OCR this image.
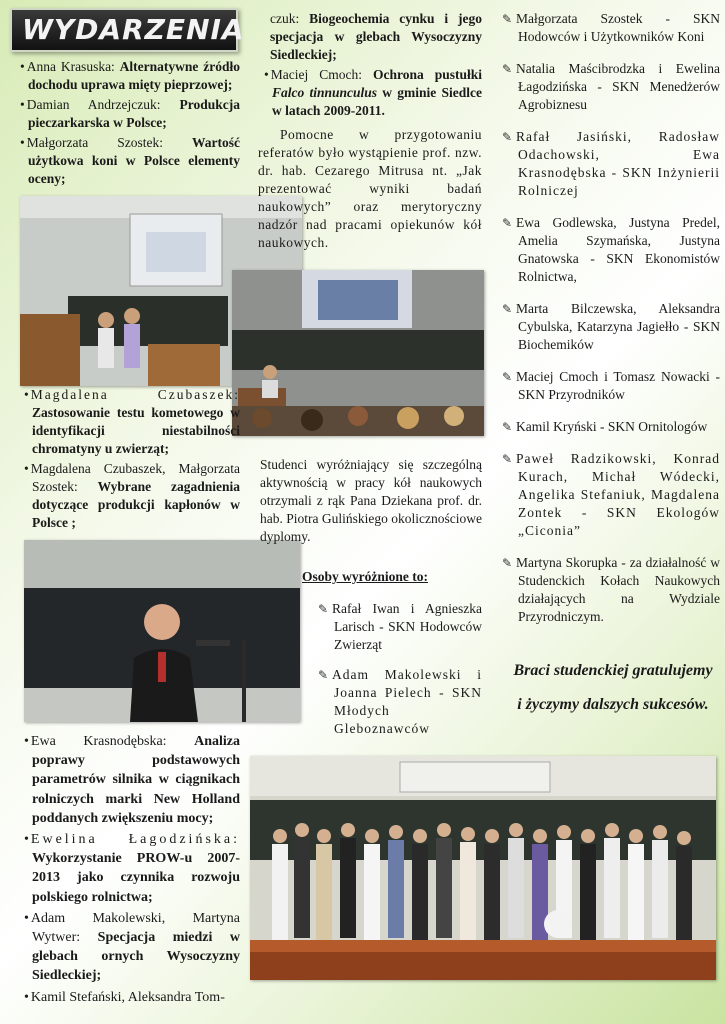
WYDARZENIA

• Anna Krasuska: Alternatywne źródło dochodu uprawa mięty pieprzowej;

• Damian Andrzejczuk: Produkcja pieczarkarska w Polsce;

• Małgorzata Szostek: Wartość użytkowa koni w Polsce elementy oceny;

• Magdalena Czubaszek: Zastosowanie testu kometowego w identyfikacji niestabilności chromatyny u zwierząt;

• Magdalena Czubaszek, Małgorzata Szostek: Wybrane zagadnienia dotyczące produkcji kapłonów w Polsce ;

• Ewa Krasnodębska: Analiza poprawy podstawowych parametrów silnika w ciągnikach rolniczych marki New Holland poddanych zwiększeniu mocy;

• Ewelina Łagodzińska: Wykorzystanie PROW-u 2007-2013 jako czynnika rozwoju polskiego rolnictwa;

• Adam Makolewski, Martyna Wytwer: Specjacja miedzi w glebach ornych Wysoczyzny Siedleckiej;

• Kamil Stefański, Aleksandra Tom-

czuk: Biogeochemia cynku i jego specjacja w glebach Wysoczyzny Siedleckiej;

• Maciej Cmoch: Ochrona pustułki Falco tinnunculus w gminie Siedlce w latach 2009-2011.

Pomocne w przygotowaniu referatów było wystąpienie prof. nzw. dr. hab. Cezarego Mitrusa nt. „Jak prezentować wyniki badań naukowych” oraz merytoryczny nadzór nad pracami opiekunów kół naukowych.
Studenci wyróżniający się szczególną aktywnością w pracy kół naukowych otrzymali z rąk Pana Dziekana prof. dr. hab. Piotra Gulińskiego okolicznościowe dyplomy.
Osoby wyróżnione to:

✎ Rafał Iwan i Agnieszka Larisch - SKN Hodowców Zwierząt

✎ Adam Makolewski i Joanna Pielech - SKN Młodych Gleboznawców

✎ Małgorzata Szostek - SKN Hodowców i Użytkowników Koni

✎ Natalia Maścibrodzka i Ewelina Łagodzińska - SKN Menedżerów Agrobiznesu

✎ Rafał Jasiński, Radosław Odachowski, Ewa Krasnodębska - SKN Inżynierii Rolniczej

✎ Ewa Godlewska, Justyna Predel, Amelia Szymańska, Justyna Gnatowska - SKN Ekonomistów Rolnictwa,

✎ Marta Bilczewska, Aleksandra Cybulska, Katarzyna Jagiełło - SKN Biochemików

✎ Maciej Cmoch i Tomasz Nowacki - SKN Przyrodników

✎ Kamil Kryński - SKN Ornitologów

✎ Paweł Radzikowski, Konrad Kurach, Michał Wódecki, Angelika Stefaniuk, Magdalena Zontek - SKN Ekologów „Ciconia”

✎ Martyna Skorupka - za działalność w Studenckich Kołach Naukowych działających na Wydziale Przyrodniczym.

Braci studenckiej gratulujemy
i życzymy dalszych sukcesów.
